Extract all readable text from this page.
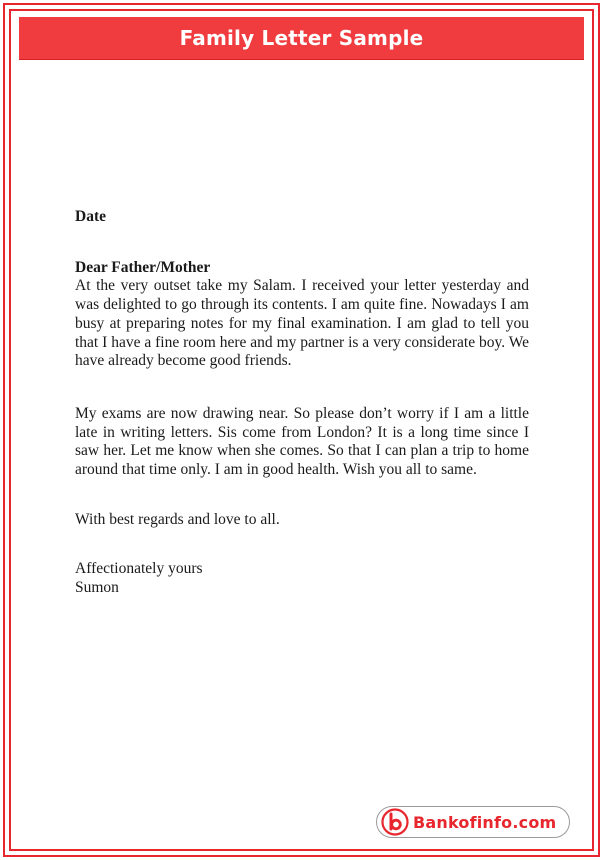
Family Letter Sample

Date

Dear Father/Mother

At the very outset take my Salam. I received your letter yesterday and was delighted to go through its contents. I am quite fine. Nowadays I am busy at preparing notes for my final examination. I am glad to tell you that I have a fine room here and my partner is a very considerate boy. We have already become good friends.

My exams are now drawing near. So please don’t worry if I am a little late in writing letters. Sis come from London? It is a long time since I saw her. Let me know when she comes. So that I can plan a trip to home around that time only. I am in good health. Wish you all to same.

With best regards and love to all.

Affectionately yours

Sumon

Bankofinfo.com
